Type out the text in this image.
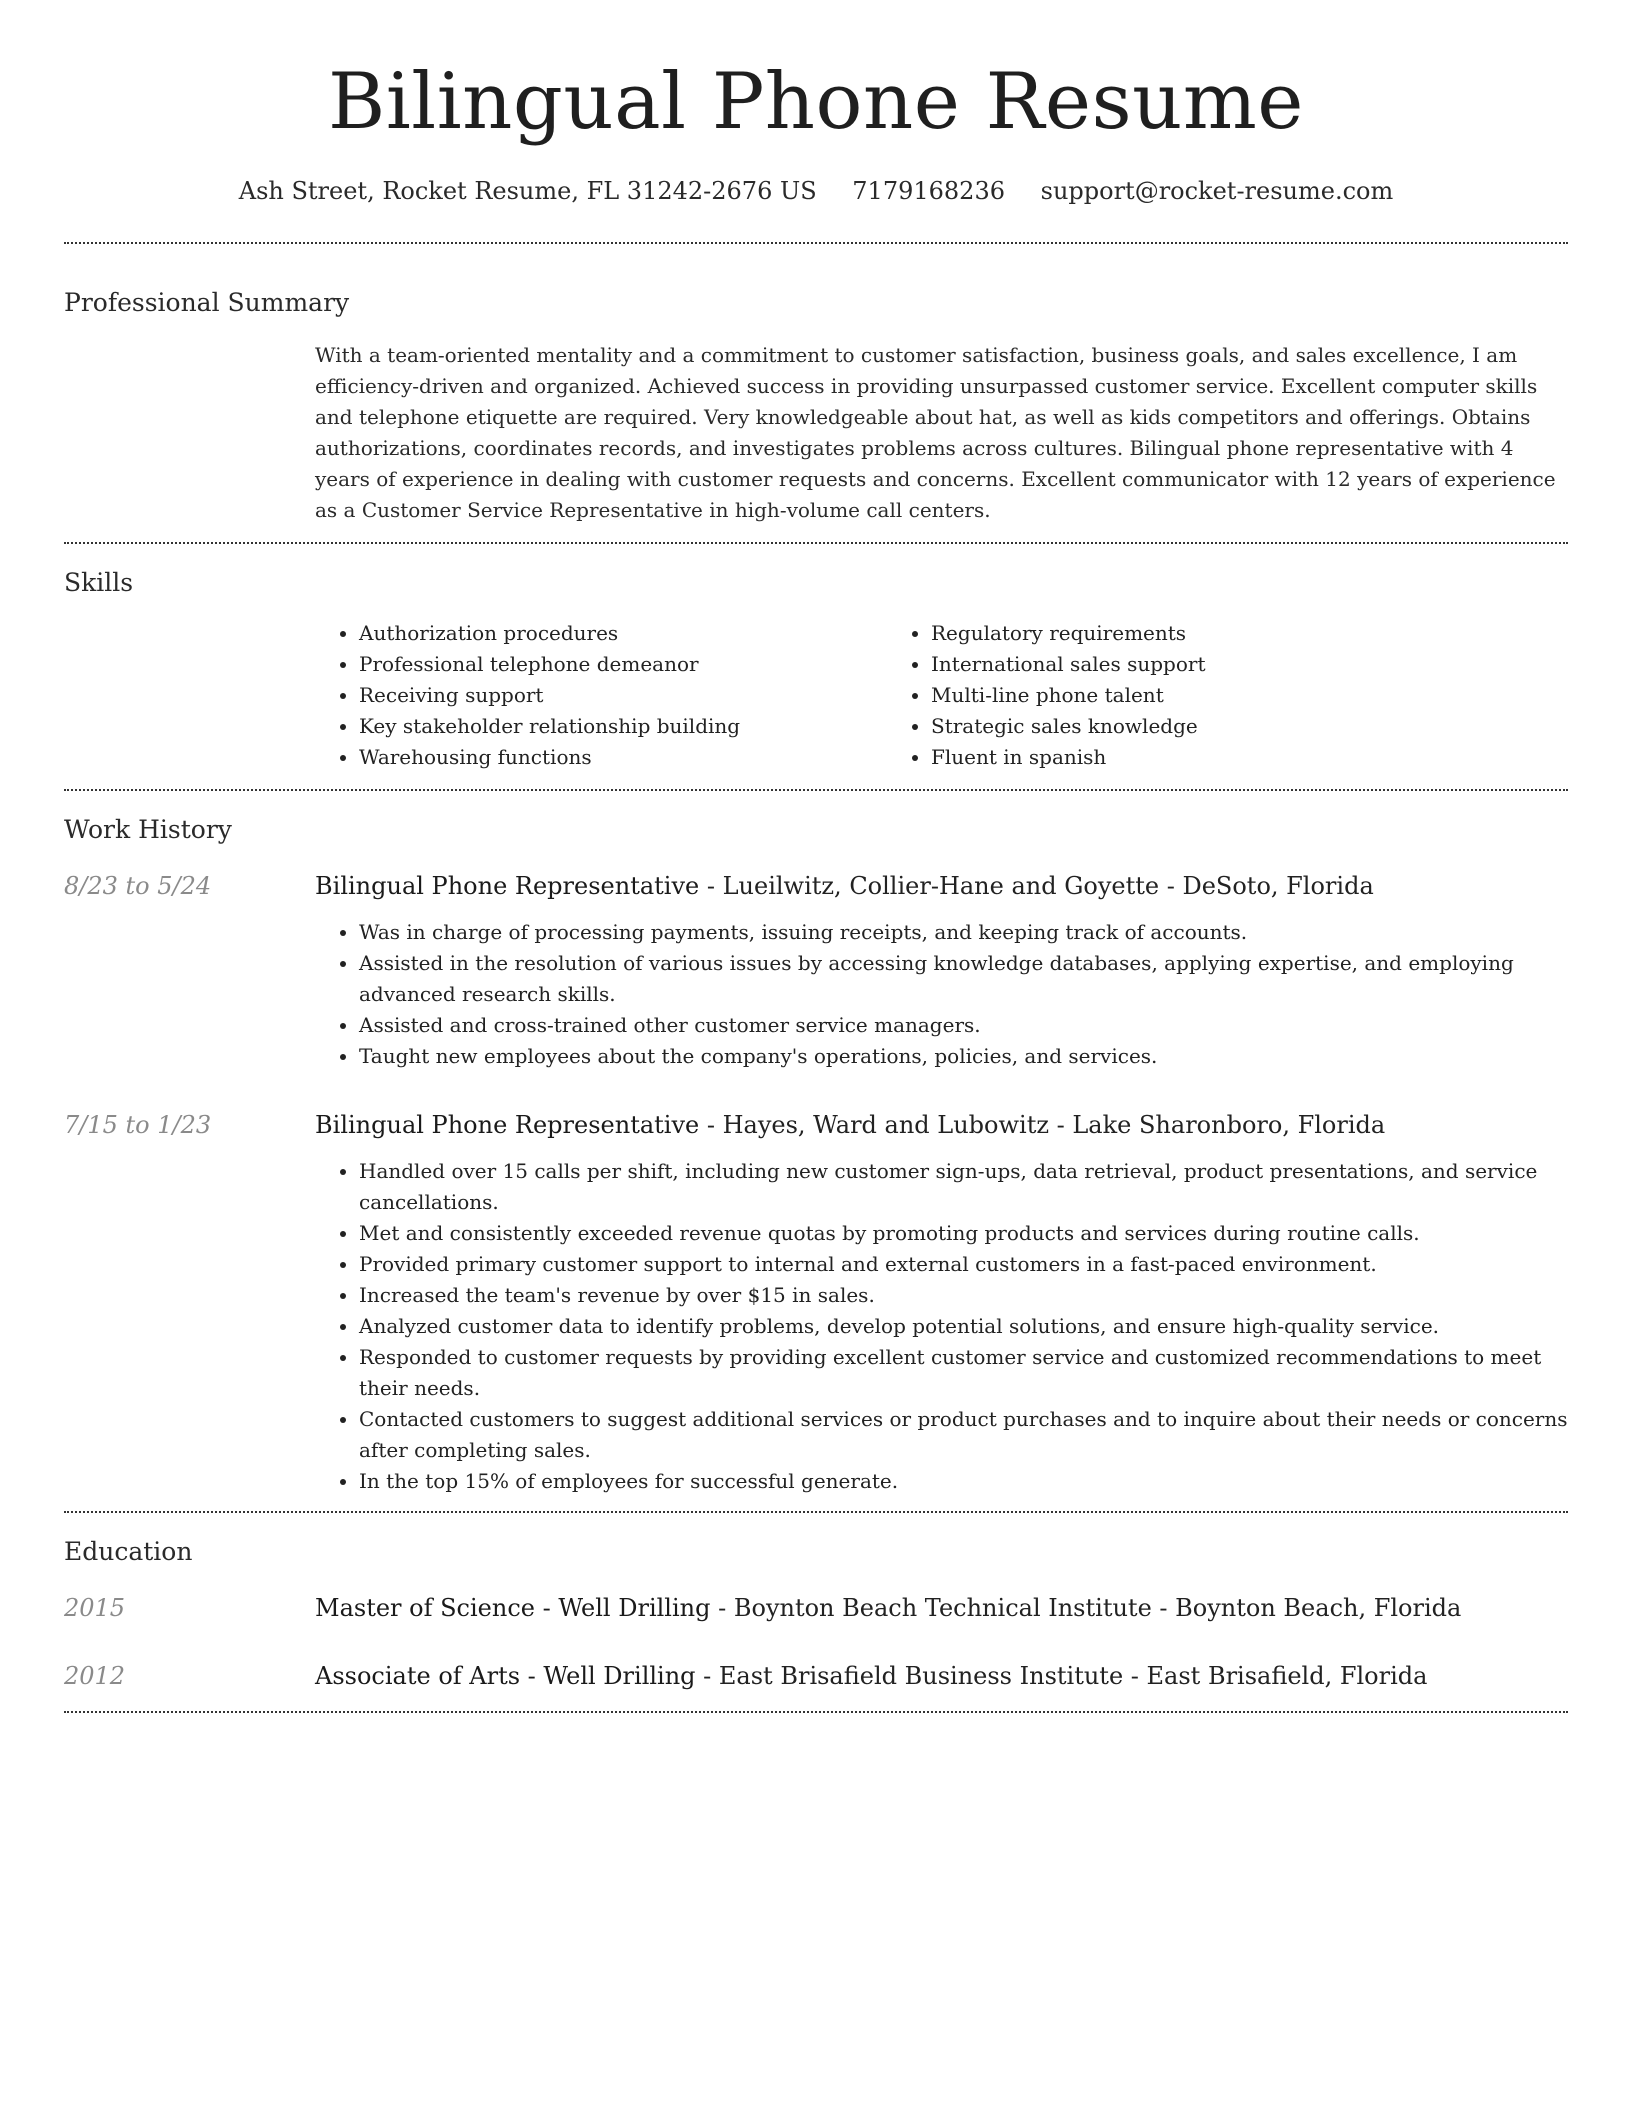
Bilingual Phone Resume
Ash Street, Rocket Resume, FL 31242-2676 US 7179168236 support@rocket-resume.com
Professional Summary

With a team-oriented mentality and a commitment to customer satisfaction, business goals, and sales excellence, I am efficiency-driven and organized. Achieved success in providing unsurpassed customer service. Excellent computer skills and telephone etiquette are required. Very knowledgeable about hat, as well as kids competitors and offerings. Obtains authorizations, coordinates records, and investigates problems across cultures. Bilingual phone representative with 4 years of experience in dealing with customer requests and concerns. Excellent communicator with 12 years of experience as a Customer Service Representative in high-volume call centers.

Skills
• Authorization procedures
• Professional telephone demeanor
• Receiving support
• Key stakeholder relationship building
• Warehousing functions
• Regulatory requirements
• International sales support
• Multi-line phone talent
• Strategic sales knowledge
• Fluent in spanish
Work History
8/23 to 5/24	Bilingual Phone Representative - Lueilwitz, Collier-Hane and Goyette - DeSoto, Florida
• Was in charge of processing payments, issuing receipts, and keeping track of accounts.
• Assisted in the resolution of various issues by accessing knowledge databases, applying expertise, and employing advanced research skills.
• Assisted and cross-trained other customer service managers.
• Taught new employees about the company's operations, policies, and services.
7/15 to 1/23	Bilingual Phone Representative - Hayes, Ward and Lubowitz - Lake Sharonboro, Florida
• Handled over 15 calls per shift, including new customer sign-ups, data retrieval, product presentations, and service cancellations.
• Met and consistently exceeded revenue quotas by promoting products and services during routine calls.
• Provided primary customer support to internal and external customers in a fast-paced environment.
• Increased the team's revenue by over $15 in sales.
• Analyzed customer data to identify problems, develop potential solutions, and ensure high-quality service.
• Responded to customer requests by providing excellent customer service and customized recommendations to meet their needs.
• Contacted customers to suggest additional services or product purchases and to inquire about their needs or concerns after completing sales.
• In the top 15% of employees for successful generate.
Education
2015	Master of Science - Well Drilling - Boynton Beach Technical Institute - Boynton Beach, Florida
2012	Associate of Arts - Well Drilling - East Brisafield Business Institute - East Brisafield, Florida
